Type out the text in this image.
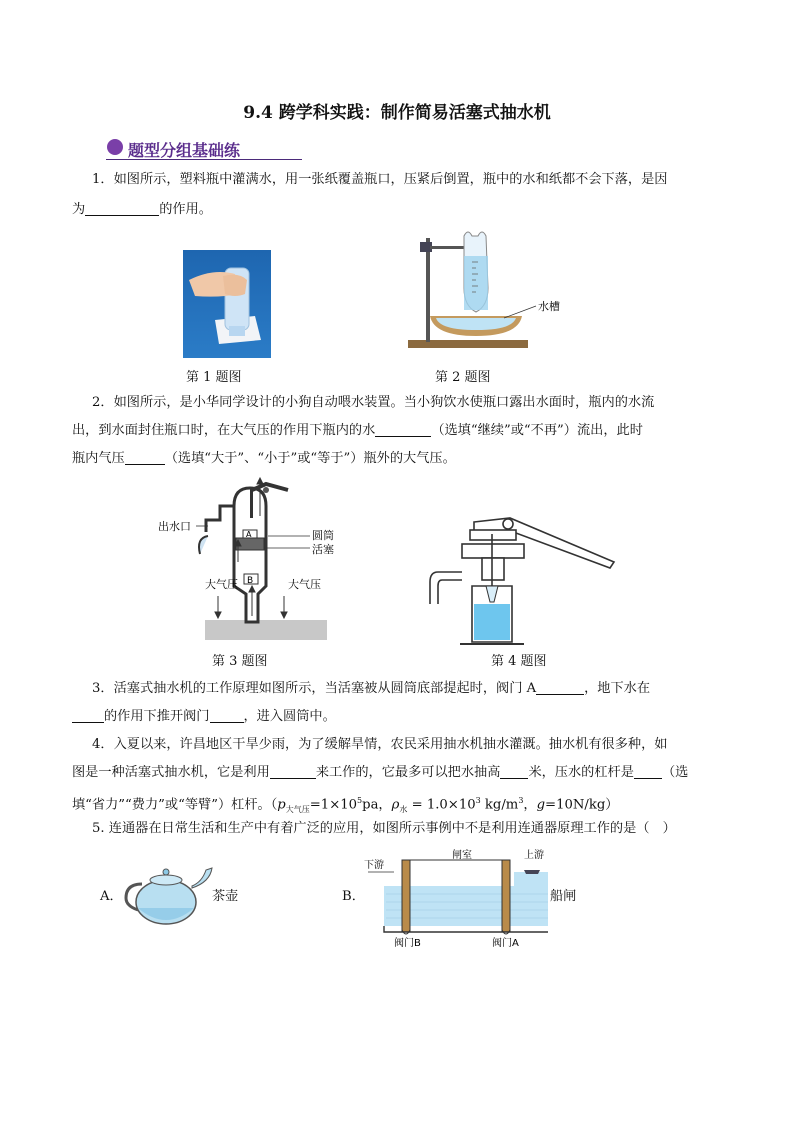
9.4 跨学科实践：制作简易活塞式抽水机
题型分组基础练
1．如图所示，塑料瓶中灌满水，用一张纸覆盖瓶口，压紧后倒置，瓶中的水和纸都不会下落，是因
为	的作用。
第 1 题图
水槽
第 2 题图
2．如图所示，是小华同学设计的小狗自动喂水装置。当小狗饮水使瓶口露出水面时，瓶内的水流
出，到水面封住瓶口时，在大气压的作用下瓶内的水	（选填“继续”或“不再”）流出，此时
瓶内气压	（选填“大于”、“小于”或“等于”）瓶外的大气压。
A
B
出水口
圆筒
活塞
大气压	大气压
第 3 题图	第 4 题图
3．活塞式抽水机的工作原理如图所示，当活塞被从圆筒底部提起时，阀门 A	，地下水在
的作用下推开阀门	，进入圆筒中。
4．入夏以来，许昌地区干旱少雨，为了缓解旱情，农民采用抽水机抽水灌溉。抽水机有很多种，如
图是一种活塞式抽水机，它是利用	来工作的，它最多可以把水抽高 米，压水的杠杆是 （选
填“省力”“费力”或“等臂”）杠杆。（$p_{大气压}=1\times 10^5pa$，$\rho_水 = 1.0\times 10^3$ $kg/m^3$，g=10N/kg）
5. 连通器在日常生活和生产中有着广泛的应用，如图所示事例中不是利用连通器原理工作的是（　）
A．	茶壶	B．
下游
闸室	上游
阀门B	阀门A
船闸
